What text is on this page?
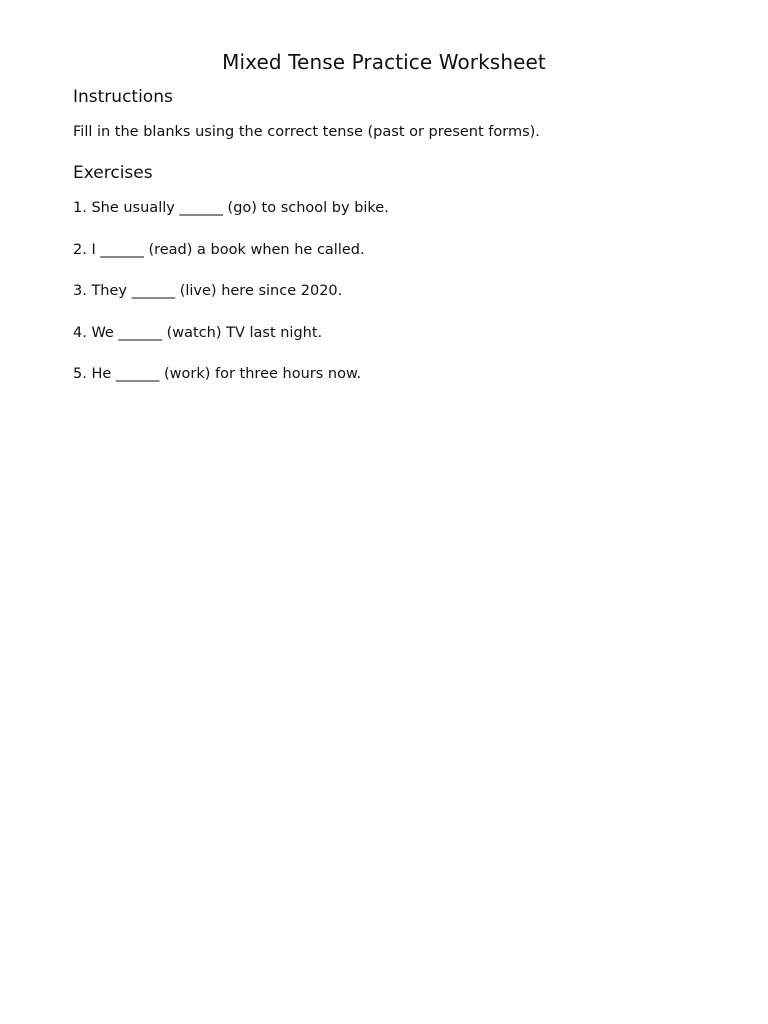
Mixed Tense Practice Worksheet
Instructions

Fill in the blanks using the correct tense (past or present forms).

Exercises
1. She usually ______ (go) to school by bike.
2. I ______ (read) a book when he called.
3. They ______ (live) here since 2020.
4. We ______ (watch) TV last night.
5. He ______ (work) for three hours now.
